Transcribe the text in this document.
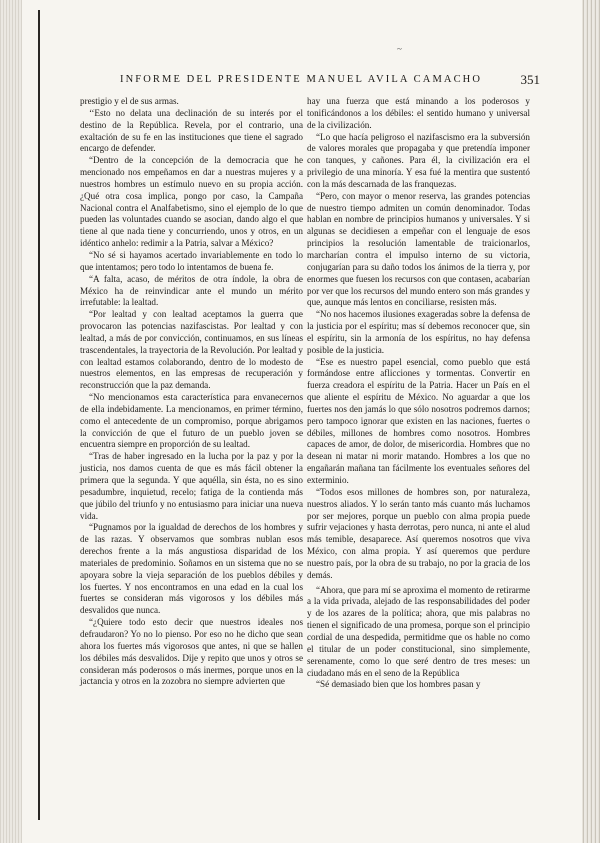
~
INFORME DEL PRESIDENTE MANUEL AVILA CAMACHO	351

prestigio y el de sus armas.

‘‘Esto no delata una declinación de su interés por el destino de la República. Revela, por el contrario, una exaltación de su fe en las instituciones que tiene el sagrado encargo de defender.

“Dentro de la concepción de la democracia que he mencionado nos empeñamos en dar a nuestras mujeres y a nuestros hombres un estímulo nuevo en su propia acción. ¿Qué otra cosa implica, pongo por caso, la Campaña Nacional contra el Analfabetismo, sino el ejemplo de lo que pueden las voluntades cuando se asocian, dando algo el que tiene al que nada tiene y concurriendo, unos y otros, en un idéntico anhelo: redimir a la Patria, salvar a México?

“No sé si hayamos acertado invariablemente en todo lo que intentamos; pero todo lo intentamos de buena fe.

“A falta, acaso, de méritos de otra índole, la obra de México ha de reinvindicar ante el mundo un mérito irrefutable: la lealtad.

“Por lealtad y con lealtad aceptamos la guerra que provocaron las potencias nazifascistas. Por lealtad y con lealtad, a más de por convicción, continuamos, en sus líneas trascendentales, la trayectoria de la Revolución. Por lealtad y con lealtad estamos colaborando, dentro de lo modesto de nuestros elementos, en las empresas de recuperación y reconstrucción que la paz demanda.

“No mencionamos esta característica para envanecernos de ella indebidamente. La mencionamos, en primer término, como el antecedente de un compromiso, porque abrigamos la convicción de que el futuro de un pueblo joven se encuentra siempre en proporción de su lealtad.

“Tras de haber ingresado en la lucha por la paz y por la justicia, nos damos cuenta de que es más fácil obtener la primera que la segunda. Y que aquélla, sin ésta, no es sino pesadumbre, inquietud, recelo; fatiga de la contienda más que júbilo del triunfo y no entusiasmo para iniciar una nueva vida.

“Pugnamos por la igualdad de derechos de los hombres y de las razas. Y observamos que sombras nublan esos derechos frente a la más angustiosa disparidad de los materiales de predominio. Soñamos en un sistema que no se apoyara sobre la vieja separación de los pueblos débiles y los fuertes. Y nos encontramos en una edad en la cual los fuertes se consideran más vigorosos y los débiles más desvalidos que nunca.

“¿Quiere todo esto decir que nuestros ideales nos defraudaron? Yo no lo pienso. Por eso no he dicho que sean ahora los fuertes más vigorosos que antes, ni que se hallen los débiles más desvalidos. Dije y repito que unos y otros se consideran más poderosos o más inermes, porque unos en la jactancia y otros en la zozobra no siempre advierten que

hay una fuerza que está minando a los poderosos y tonificándonos a los débiles: el sentido humano y universal de la civilización.

“Lo que hacía peligroso el nazifascismo era la subversión de valores morales que propagaba y que pretendía imponer con tanques, y cañones. Para él, la civilización era el privilegio de una minoría. Y esa fué la mentira que sustentó con la más descarnada de las franquezas.

“Pero, con mayor o menor reserva, las grandes potencias de nuestro tiempo admiten un común denominador. Todas hablan en nombre de principios humanos y universales. Y si algunas se decidiesen a empeñar con el lenguaje de esos principios la resolución lamentable de traicionarlos, marcharían contra el impulso interno de su victoria, conjugarían para su daño todos los ánimos de la tierra y, por enormes que fuesen los recursos con que contasen, acabarían por ver que los recursos del mundo entero son más grandes y que, aunque más lentos en conciliarse, resisten más.

“No nos hacemos ilusiones exageradas sobre la defensa de la justicia por el espíritu; mas sí debemos reconocer que, sin el espíritu, sin la armonía de los espíritus, no hay defensa posible de la justicia.

“Ese es nuestro papel esencial, como pueblo que está formándose entre aflicciones y tormentas. Convertir en fuerza creadora el espíritu de la Patria. Hacer un País en el que aliente el espíritu de México. No aguardar a que los fuertes nos den jamás lo que sólo nosotros podremos darnos; pero tampoco ignorar que existen en las naciones, fuertes o débiles, millones de hombres como nosotros. Hombres capaces de amor, de dolor, de misericordia. Hombres que no desean ni matar ni morir matando. Hombres a los que no engañarán mañana tan fácilmente los eventuales señores del exterminio.

“Todos esos millones de hombres son, por naturaleza, nuestros aliados. Y lo serán tanto más cuanto más luchamos por ser mejores, porque un pueblo con alma propia puede sufrir vejaciones y hasta derrotas, pero nunca, ni ante el alud más temible, desaparece. Así queremos nosotros que viva México, con alma propia. Y así queremos que perdure nuestro país, por la obra de su trabajo, no por la gracia de los demás.

“Ahora, que para mí se aproxima el momento de retirarme a la vida privada, alejado de las responsabilidades del poder y de los azares de la política; ahora, que mis palabras no tienen el significado de una promesa, porque son el principio cordial de una despedida, permitidme que os hable no como el titular de un poder constitucional, sino simplemente, serenamente, como lo que seré dentro de tres meses: un ciudadano más en el seno de la República

“Sé demasiado bien que los hombres pasan y
